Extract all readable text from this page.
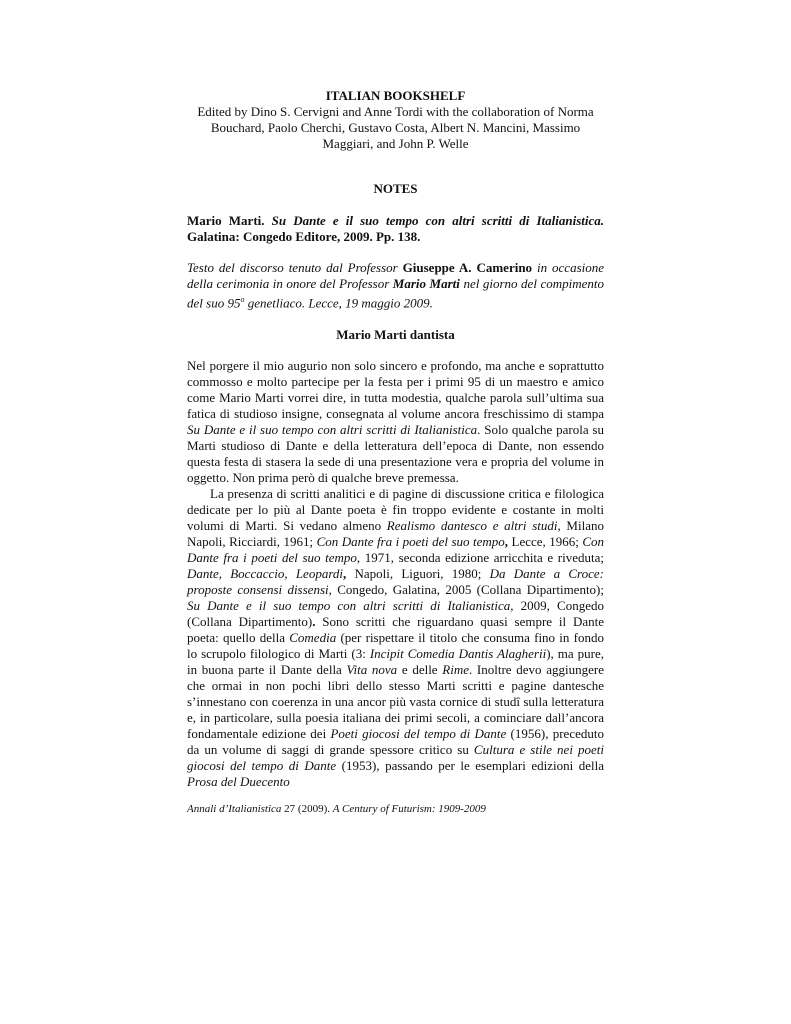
ITALIAN BOOKSHELF
Edited by Dino S. Cervigni and Anne Tordi with the collaboration of Norma Bouchard, Paolo Cherchi, Gustavo Costa, Albert N. Mancini, Massimo Maggiari, and John P. Welle
NOTES
Mario Marti. Su Dante e il suo tempo con altri scritti di Italianistica. Galatina: Congedo Editore, 2009. Pp. 138.
Testo del discorso tenuto dal Professor Giuseppe A. Camerino in occasione della cerimonia in onore del Professor Mario Marti nel giorno del compimento del suo 95$^o$ genetliaco. Lecce, 19 maggio 2009.
Mario Marti dantista

Nel porgere il mio augurio non solo sincero e profondo, ma anche e soprattutto commosso e molto partecipe per la festa per i primi 95 di un maestro e amico come Mario Marti vorrei dire, in tutta modestia, qualche parola sull’ultima sua fatica di studioso insigne, consegnata al volume ancora freschissimo di stampa Su Dante e il suo tempo con altri scritti di Italianistica. Solo qualche parola su Marti studioso di Dante e della letteratura dell’epoca di Dante, non essendo questa festa di stasera la sede di una presentazione vera e propria del volume in oggetto. Non prima però di qualche breve premessa.

La presenza di scritti analitici e di pagine di discussione critica e filologica dedicate per lo più al Dante poeta è fin troppo evidente e costante in molti volumi di Marti. Si vedano almeno Realismo dantesco e altri studi, Milano Napoli, Ricciardi, 1961; Con Dante fra i poeti del suo tempo, Lecce, 1966; Con Dante fra i poeti del suo tempo, 1971, seconda edizione arricchita e riveduta; Dante, Boccaccio, Leopardi, Napoli, Liguori, 1980; Da Dante a Croce: proposte consensi dissensi, Congedo, Galatina, 2005 (Collana Dipartimento); Su Dante e il suo tempo con altri scritti di Italianistica, 2009, Congedo (Collana Dipartimento). Sono scritti che riguardano quasi sempre il Dante poeta: quello della Comedia (per rispettare il titolo che consuma fino in fondo lo scrupolo filologico di Marti (3: Incipit Comedia Dantis Alagherii), ma pure, in buona parte il Dante della Vita nova e delle Rime. Inoltre devo aggiungere che ormai in non pochi libri dello stesso Marti scritti e pagine dantesche s’innestano con coerenza in una ancor più vasta cornice di studî sulla letteratura e, in particolare, sulla poesia italiana dei primi secoli, a cominciare dall’ancora fondamentale edizione dei Poeti giocosi del tempo di Dante (1956), preceduto da un volume di saggi di grande spessore critico su Cultura e stile nei poeti giocosi del tempo di Dante (1953), passando per le esemplari edizioni della Prosa del Duecento

Annali d’Italianistica 27 (2009). A Century of Futurism: 1909-2009
